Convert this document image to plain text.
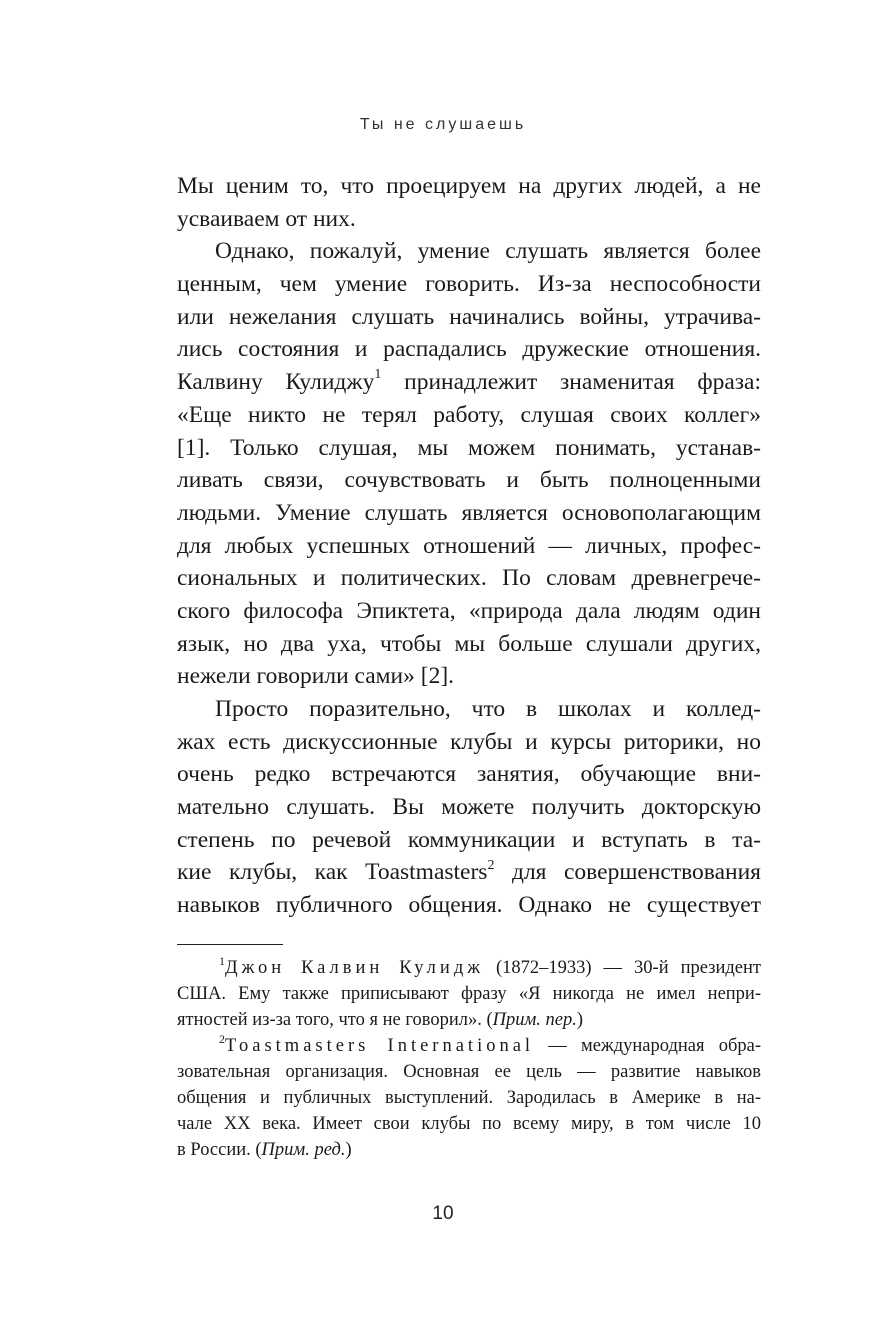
Ты не слушаешь
Мы ценим то, что проецируем на других людей, а не
усваиваем от них.
Однако, пожалуй, умение слушать является более
ценным, чем умение говорить. Из-за неспособности
или нежелания слушать начинались войны, утрачива-
лись состояния и распадались дружеские отношения.
Калвину Кулиджу$^1$ принадлежит знаменитая фраза:
«Еще никто не терял работу, слушая своих коллег»
[1]. Только слушая, мы можем понимать, устанав-
ливать связи, сочувствовать и быть полноценными
людьми. Умение слушать является основополагающим
для любых успешных отношений — личных, профес-
сиональных и политических. По словам древнегрече-
ского философа Эпиктета, «природа дала людям один
язык, но два уха, чтобы мы больше слушали других,
нежели говорили сами» [2].
Просто поразительно, что в школах и коллед-
жах есть дискуссионные клубы и курсы риторики, но
очень редко встречаются занятия, обучающие вни-
мательно слушать. Вы можете получить докторскую
степень по речевой коммуникации и вступать в та-
кие клубы, как Toastmasters$^2$ для совершенствования
навыков публичного общения. Однако не существует
$^1$Джон Калвин Кулидж (1872–1933) — 30-й президент
США. Ему также приписывают фразу «Я никогда не имел непри-
ятностей из-за того, что я не говорил». (Прим. пер.)
$^2$Toastmasters International — международная обра-
зовательная организация. Основная ее цель — развитие навыков
общения и публичных выступлений. Зародилась в Америке в на-
чале XX века. Имеет свои клубы по всему миру, в том числе 10
в России. (Прим. ред.)
10
